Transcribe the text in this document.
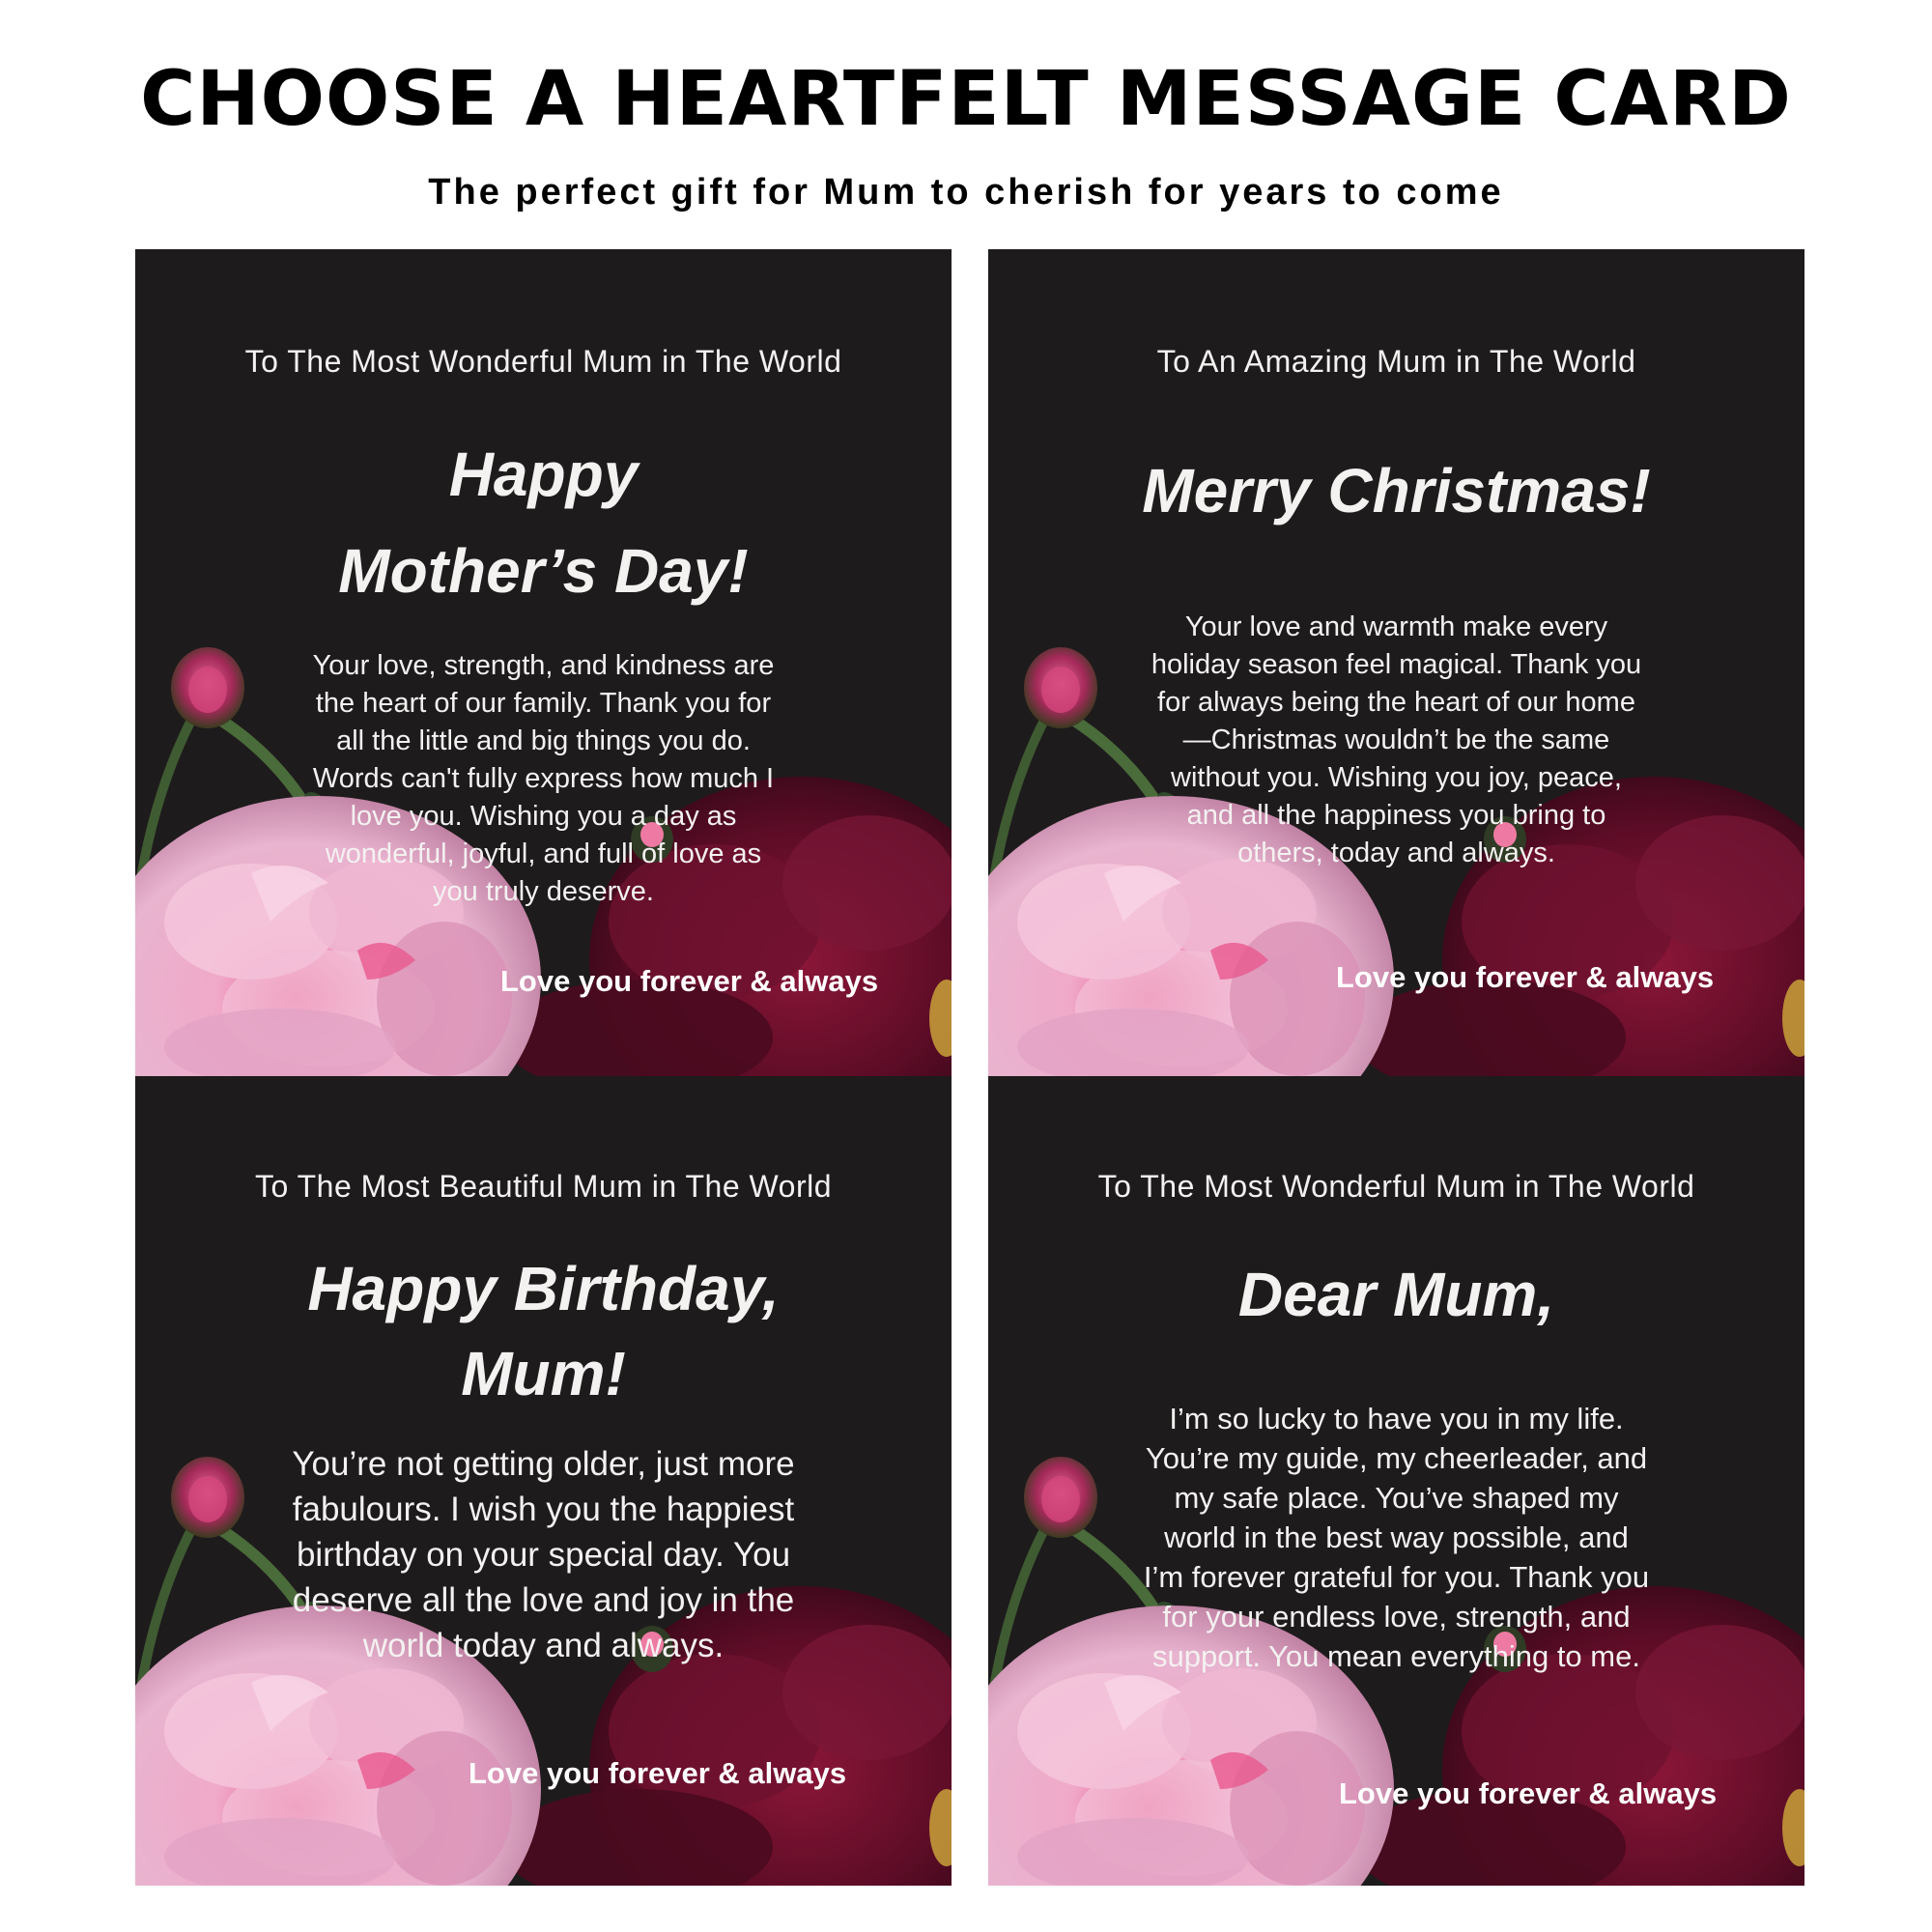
CHOOSE A HEARTFELT MESSAGE CARD
The perfect gift for Mum to cherish for years to come
To The Most Wonderful Mum in The World
Happy
Mother’s Day!
Your love, strength, and kindness are
the heart of our family. Thank you for
all the little and big things you do.
Words can't fully express how much I
love you. Wishing you a day as
wonderful, joyful, and full of love as
you truly deserve.
Love you forever & always
To An Amazing Mum in The World
Merry Christmas!
Your love and warmth make every
holiday season feel magical. Thank you
for always being the heart of our home
—Christmas wouldn’t be the same
without you. Wishing you joy, peace,
and all the happiness you bring to
others, today and always.
Love you forever & always
To The Most Beautiful Mum in The World
Happy Birthday,
Mum!
You’re not getting older, just more
fabulours. I wish you the happiest
birthday on your special day. You
deserve all the love and joy in the
world today and always.
Love you forever & always
To The Most Wonderful Mum in The World
Dear Mum,
I’m so lucky to have you in my life.
You’re my guide, my cheerleader, and
my safe place. You’ve shaped my
world in the best way possible, and
I’m forever grateful for you. Thank you
for your endless love, strength, and
support. You mean everything to me.
Love you forever & always
